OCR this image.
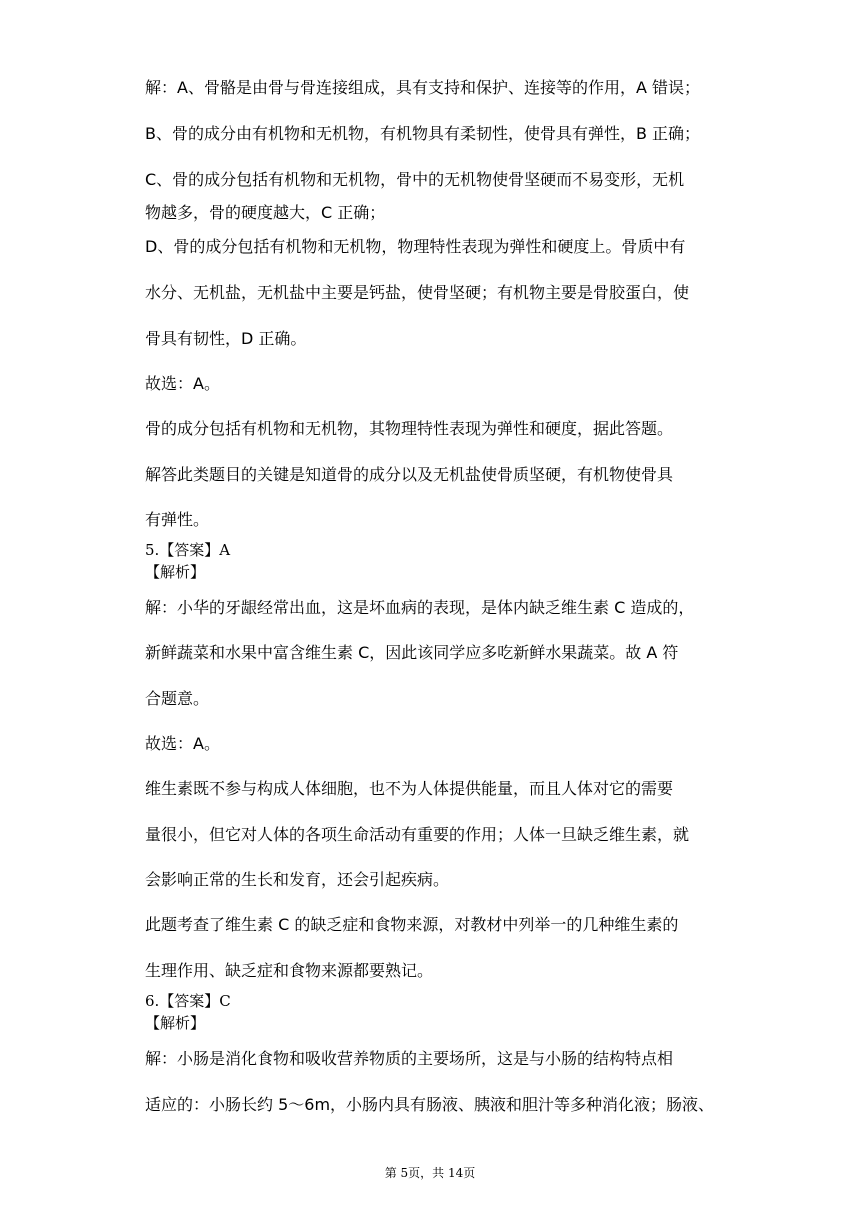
解：A、骨骼是由骨与骨连接组成，具有支持和保护、连接等的作用，A 错误；
B、骨的成分由有机物和无机物，有机物具有柔韧性，使骨具有弹性，B 正确；
C、骨的成分包括有机物和无机物，骨中的无机物使骨坚硬而不易变形，无机
物越多，骨的硬度越大，C 正确；
D、骨的成分包括有机物和无机物，物理特性表现为弹性和硬度上。骨质中有
水分、无机盐，无机盐中主要是钙盐，使骨坚硬；有机物主要是骨胶蛋白，使
骨具有韧性，D 正确。
故选：A。
骨的成分包括有机物和无机物，其物理特性表现为弹性和硬度，据此答题。
解答此类题目的关键是知道骨的成分以及无机盐使骨质坚硬，有机物使骨具
有弹性。
5.【答案】A
【解析】
解：小华的牙龈经常出血，这是坏血病的表现，是体内缺乏维生素 C 造成的，
新鲜蔬菜和水果中富含维生素 C，因此该同学应多吃新鲜水果蔬菜。故 A 符
合题意。
故选：A。
维生素既不参与构成人体细胞，也不为人体提供能量，而且人体对它的需要
量很小，但它对人体的各项生命活动有重要的作用；人体一旦缺乏维生素，就
会影响正常的生长和发育，还会引起疾病。
此题考查了维生素 C 的缺乏症和食物来源，对教材中列举一的几种维生素的
生理作用、缺乏症和食物来源都要熟记。
6.【答案】C
【解析】
解：小肠是消化食物和吸收营养物质的主要场所，这是与小肠的结构特点相
适应的：小肠长约 5～6m，小肠内具有肠液、胰液和胆汁等多种消化液；肠液、
第 5页，共 14页
